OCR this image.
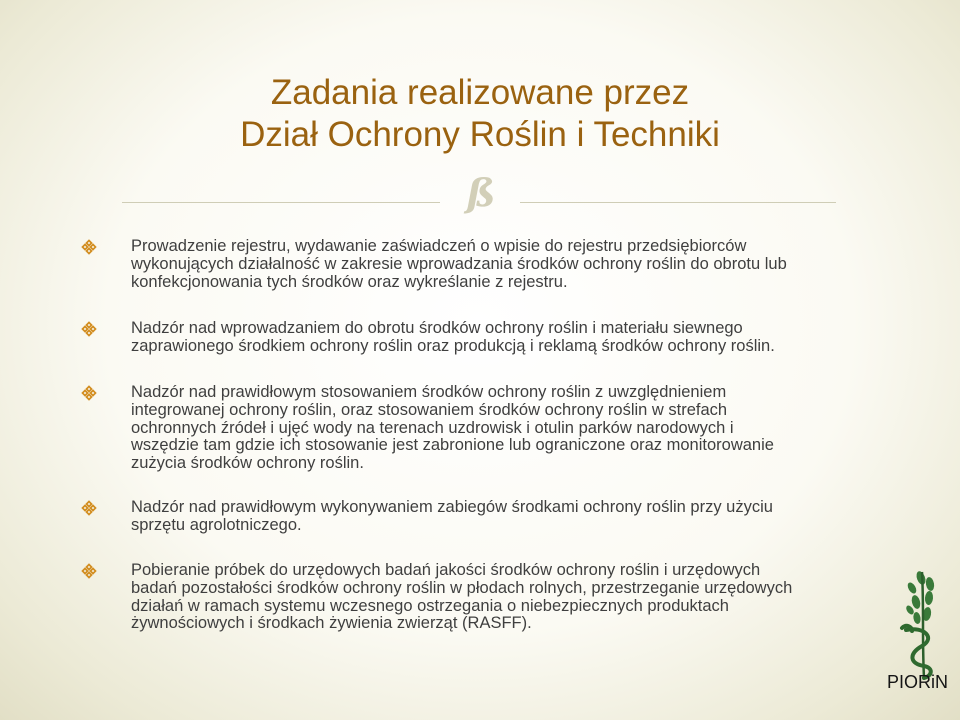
Zadania realizowane przez
Dział Ochrony Roślin i Techniki
ß
Prowadzenie rejestru, wydawanie zaświadczeń o wpisie do rejestru przedsiębiorców
wykonujących działalność w zakresie wprowadzania środków ochrony roślin do obrotu lub
konfekcjonowania tych środków oraz wykreślanie z rejestru.
Nadzór nad wprowadzaniem do obrotu środków ochrony roślin i materiału siewnego
zaprawionego środkiem ochrony roślin oraz produkcją i reklamą środków ochrony roślin.
Nadzór nad prawidłowym stosowaniem środków ochrony roślin z uwzględnieniem
integrowanej ochrony roślin, oraz stosowaniem środków ochrony roślin w strefach
ochronnych źródeł i ujęć wody na terenach uzdrowisk i otulin parków narodowych i
wszędzie tam gdzie ich stosowanie jest zabronione lub ograniczone oraz monitorowanie
zużycia środków ochrony roślin.
Nadzór nad prawidłowym wykonywaniem zabiegów środkami ochrony roślin przy użyciu
sprzętu agrolotniczego.
Pobieranie próbek do urzędowych badań jakości środków ochrony roślin i urzędowych
badań pozostałości środków ochrony roślin w płodach rolnych, przestrzeganie urzędowych
działań w ramach systemu wczesnego ostrzegania o niebezpiecznych produktach
żywnościowych i środkach żywienia zwierząt (RASFF).
PIORiN
